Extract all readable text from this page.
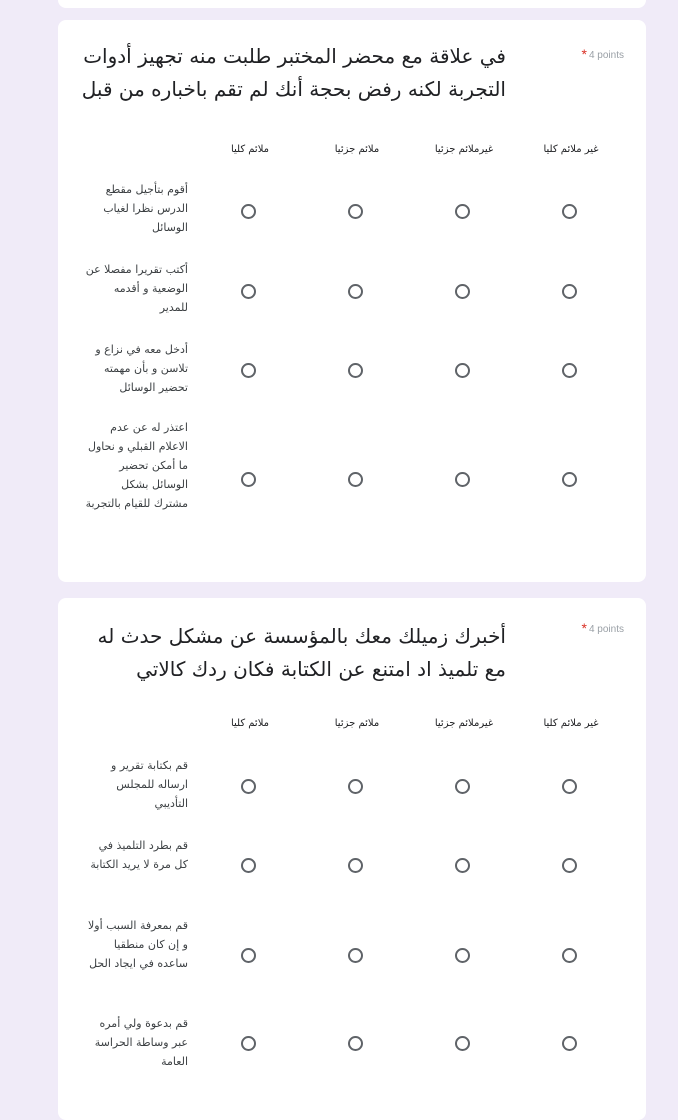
* 4 points
في علاقة مع محضر المختبر طلبت منه تجهيز أدوات التجربة لكنه رفض بحجة أنك لم تقم باخباره من قبل
غير ملائم كليا
غيرملائم جزئيا
ملائم جزئيا
ملائم كليا
أقوم بتأجيل مقطع الدرس نظرا لغياب الوسائل
أكتب تقريرا مفصلا عن الوضعية و أقدمه للمدير
أدخل معه في نزاع و تلاسن و بأن مهمته تحضير الوسائل
اعتذر له عن عدم الاعلام القبلي و نحاول ما أمكن تحضير الوسائل بشكل مشترك للقيام بالتجربة
* 4 points
أخبرك زميلك معك بالمؤسسة عن مشكل حدث له مع تلميذ اد امتنع عن الكتابة فكان ردك كالاتي
غير ملائم كليا
غيرملائم جزئيا
ملائم جزئيا
ملائم كليا
قم بكتابة تقرير و ارساله للمجلس التأديبي
قم بطرد التلميذ في كل مرة لا يريد الكتابة
قم بمعرفة السبب أولا و إن كان منطقيا ساعده في ايجاد الحل
قم بدعوة ولي أمره عبر وساطة الحراسة العامة
